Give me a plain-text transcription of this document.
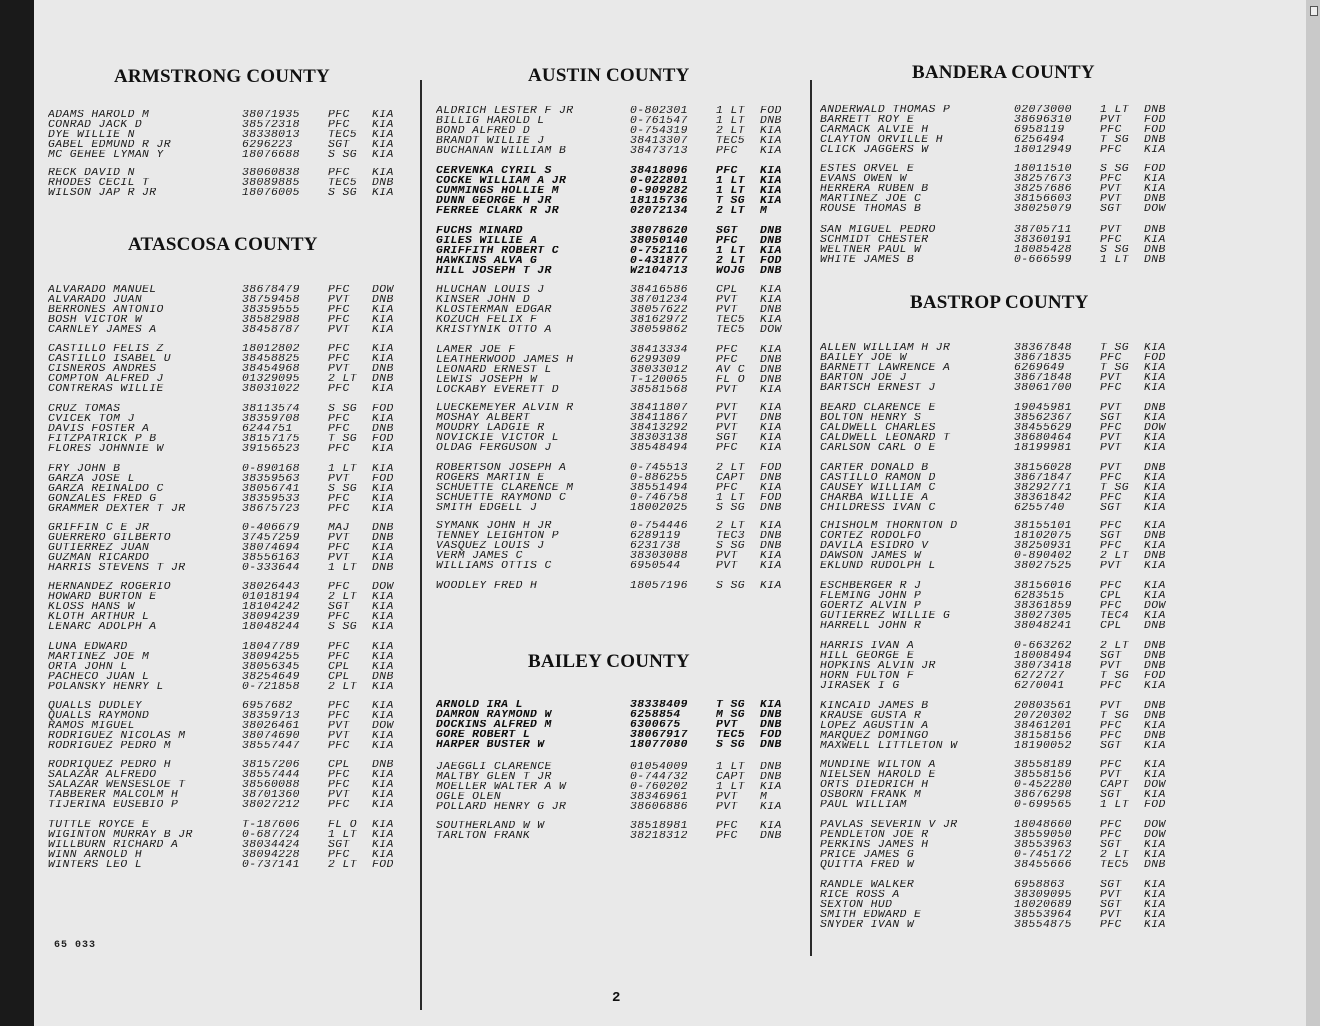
ARMSTRONG COUNTY
ADAMS HAROLD M	38071935	PFC	KIA
CONRAD JACK D	38572318	PFC	KIA
DYE WILLIE N	38338013	TEC5	KIA
GABEL EDMUND R JR	6296223	SGT	KIA
MC GEHEE LYMAN Y	18076688	S SG	KIA
RECK DAVID N	38060838	PFC	KIA
RHODES CECIL T	38089885	TEC5	DNB
WILSON JAP R JR	18076005	S SG	KIA
ATASCOSA COUNTY
ALVARADO MANUEL	38678479	PFC	DOW
ALVARADO JUAN	38759458	PVT	DNB
BERRONES ANTONIO	38359555	PFC	KIA
BOSH VICTOR W	38582988	PFC	KIA
CARNLEY JAMES A	38458787	PVT	KIA
CASTILLO FELIS Z	18012802	PFC	KIA
CASTILLO ISABEL U	38458825	PFC	KIA
CISNEROS ANDRES	38454968	PVT	DNB
COMPTON ALFRED J	01329095	2 LT	DNB
CONTRERAS WILLIE	38031022	PFC	KIA
CRUZ TOMAS	38113574	S SG	FOD
CVICEK TOM J	38359708	PFC	KIA
DAVIS FOSTER A	6244751	PFC	DNB
FITZPATRICK P B	38157175	T SG	FOD
FLORES JOHNNIE W	39156523	PFC	KIA
FRY JOHN B	0-890168	1 LT	KIA
GARZA JOSE L	38359563	PVT	FOD
GARZA REINALDO C	38056741	S SG	KIA
GONZALES FRED G	38359533	PFC	KIA
GRAMMER DEXTER T JR	38675723	PFC	KIA
GRIFFIN C E JR	0-406679	MAJ	DNB
GUERRERO GILBERTO	37457259	PVT	DNB
GUTIERREZ JUAN	38074694	PFC	KIA
GUZMAN RICARDO	38556163	PVT	KIA
HARRIS STEVENS T JR	0-333644	1 LT	DNB
HERNANDEZ ROGERIO	38026443	PFC	DOW
HOWARD BURTON E	01018194	2 LT	KIA
KLOSS HANS W	18104242	SGT	KIA
KLOTH ARTHUR L	38094239	PFC	KIA
LENARC ADOLPH A	18048244	S SG	KIA
LUNA EDWARD	18047789	PFC	KIA
MARTINEZ JOE M	38094255	PFC	KIA
ORTA JOHN L	38056345	CPL	KIA
PACHECO JUAN L	38254649	CPL	DNB
POLANSKY HENRY L	0-721858	2 LT	KIA
QUALLS DUDLEY	6957682	PFC	KIA
QUALLS RAYMOND	38359713	PFC	KIA
RAMOS MIGUEL	38026461	PVT	DOW
RODRIGUEZ NICOLAS M	38074690	PVT	KIA
RODRIGUEZ PEDRO M	38557447	PFC	KIA
RODRIQUEZ PEDRO H	38157206	CPL	DNB
SALAZAR ALFREDO	38557444	PFC	KIA
SALAZAR WENSESLOE T	38560088	PFC	KIA
TABBERER MALCOLM H	38701360	PVT	KIA
TIJERINA EUSEBIO P	38027212	PFC	KIA
TUTTLE ROYCE E	T-187606	FL O	KIA
WIGINTON MURRAY B JR	0-687724	1 LT	KIA
WILLBURN RICHARD A	38034424	SGT	KIA
WINN ARNOLD H	38094228	PFC	KIA
WINTERS LEO L	0-737141	2 LT	FOD
AUSTIN COUNTY
ALDRICH LESTER F JR	0-802301	1 LT	FOD
BILLIG HAROLD L	0-761547	1 LT	DNB
BOND ALFRED D	0-754319	2 LT	KIA
BRANDT WILLIE J	38413307	TEC5	KIA
BUCHANAN WILLIAM B	38473713	PFC	KIA
CERVENKA CYRIL S	38418096	PFC	KIA
COCKE WILLIAM A JR	0-022801	1 LT	KIA
CUMMINGS HOLLIE M	0-909282	1 LT	KIA
DUNN GEORGE H JR	18115736	T SG	KIA
FERREE CLARK R JR	02072134	2 LT	M
FUCHS MINARD	38078620	SGT	DNB
GILES WILLIE A	38050140	PFC	DNB
GRIFFITH ROBERT C	0-752116	1 LT	KIA
HAWKINS ALVA G	0-431877	2 LT	FOD
HILL JOSEPH T JR	W2104713	WOJG	DNB
HLUCHAN LOUIS J	38416586	CPL	KIA
KINSER JOHN D	38701234	PVT	KIA
KLOSTERMAN EDGAR	38057622	PVT	DNB
KOZUCH FELIX F	38162972	TEC5	KIA
KRISTYNIK OTTO A	38059862	TEC5	DOW
LAMER JOE F	38413334	PFC	KIA
LEATHERWOOD JAMES H	6299309	PFC	DNB
LEONARD ERNEST L	38033012	AV C	DNB
LEWIS JOSEPH W	T-120065	FL O	DNB
LOCKABY EVERETT D	38581568	PVT	KIA
LUECKEMEYER ALVIN R	38411807	PVT	KIA
MOSHAY ALBERT	38411867	PVT	DNB
MOUDRY LADGIE R	38413292	PVT	KIA
NOVICKIE VICTOR L	38303138	SGT	KIA
OLDAG FERGUSON J	38548494	PFC	KIA
ROBERTSON JOSEPH A	0-745513	2 LT	FOD
ROGERS MARTIN E	0-886255	CAPT	DNB
SCHUETTE CLARENCE M	38551494	PFC	KIA
SCHUETTE RAYMOND C	0-746758	1 LT	FOD
SMITH EDGELL J	18002025	S SG	DNB
SYMANK JOHN H JR	0-754446	2 LT	KIA
TENNEY LEIGHTON P	6289119	TEC3	DNB
VASQUEZ LOUIS J	6231738	S SG	DNB
VERM JAMES C	38303088	PVT	KIA
WILLIAMS OTTIS C	6950544	PVT	KIA
WOODLEY FRED H	18057196	S SG	KIA
BAILEY COUNTY
ARNOLD IRA L	38338409	T SG	KIA
DAMRON RAYMOND W	6258854	M SG	DNB
DOCKINS ALFRED M	6300675	PVT	DNB
GORE ROBERT L	38067917	TEC5	FOD
HARPER BUSTER W	18077080	S SG	DNB
JAEGGLI CLARENCE	01054009	1 LT	DNB
MALTBY GLEN T JR	0-744732	CAPT	DNB
MOELLER WALTER A W	0-760202	1 LT	KIA
OGLE OLEN	38346961	PVT	M
POLLARD HENRY G JR	38606886	PVT	KIA
SOUTHERLAND W W	38518981	PFC	KIA
TARLTON FRANK	38218312	PFC	DNB
BANDERA COUNTY
ANDERWALD THOMAS P	02073000	1 LT	DNB
BARRETT ROY E	38696310	PVT	FOD
CARMACK ALVIE H	6958119	PFC	FOD
CLAYTON ORVILLE H	6256494	T SG	DNB
CLICK JAGGERS W	18012949	PFC	KIA
ESTES ORVEL E	18011510	S SG	FOD
EVANS OWEN W	38257673	PFC	KIA
HERRERA RUBEN B	38257686	PVT	KIA
MARTINEZ JOE C	38156603	PVT	DNB
ROUSE THOMAS B	38025079	SGT	DOW
SAN MIGUEL PEDRO	38705711	PVT	DNB
SCHMIDT CHESTER	38360191	PFC	KIA
WELTNER PAUL W	18085428	S SG	DNB
WHITE JAMES B	0-666599	1 LT	DNB
BASTROP COUNTY
ALLEN WILLIAM H JR	38367848	T SG	KIA
BAILEY JOE W	38671835	PFC	FOD
BARNETT LAWRENCE A	6269649	T SG	KIA
BARTON JOE J	38671848	PVT	KIA
BARTSCH ERNEST J	38061700	PFC	KIA
BEARD CLARENCE E	19045981	PVT	DNB
BOLTON HENRY S	38562367	SGT	KIA
CALDWELL CHARLES	38455629	PFC	DOW
CALDWELL LEONARD T	38680464	PVT	KIA
CARLSON CARL O E	18199981	PVT	KIA
CARTER DONALD B	38156028	PVT	DNB
CASTILLO RAMON D	38671847	PFC	KIA
CAUSEY WILLIAM C	38292771	T SG	KIA
CHARBA WILLIE A	38361842	PFC	KIA
CHILDRESS IVAN C	6255740	SGT	KIA
CHISHOLM THORNTON D	38155101	PFC	KIA
CORTEZ RODOLFO	18102075	SGT	DNB
DAVILA ESIDRO V	38250931	PFC	KIA
DAWSON JAMES W	0-890402	2 LT	DNB
EKLUND RUDOLPH L	38027525	PVT	KIA
ESCHBERGER R J	38156016	PFC	KIA
FLEMING JOHN P	6283515	CPL	KIA
GOERTZ ALVIN P	38361859	PFC	DOW
GUTIERREZ WILLIE G	38027305	TEC4	KIA
HARRELL JOHN R	38048241	CPL	DNB
HARRIS IVAN A	0-663262	2 LT	DNB
HILL GEORGE E	18008494	SGT	DNB
HOPKINS ALVIN JR	38073418	PVT	DNB
HORN FULTON F	6272727	T SG	FOD
JIRASEK I G	6270041	PFC	KIA
KINCAID JAMES B	20803561	PVT	DNB
KRAUSE GUSTA R	20720302	T SG	DNB
LOPEZ AGUSTIN A	38461201	PFC	KIA
MARQUEZ DOMINGO	38158156	PFC	DNB
MAXWELL LITTLETON W	18190052	SGT	KIA
MUNDINE WILTON A	38558189	PFC	KIA
NIELSEN HAROLD E	38558156	PVT	KIA
ORTS DIEDRICH H	0-452280	CAPT	DOW
OSBORN FRANK M	38676298	SGT	KIA
PAUL WILLIAM	0-699565	1 LT	FOD
PAVLAS SEVERIN V JR	18048660	PFC	DOW
PENDLETON JOE R	38559050	PFC	DOW
PERKINS JAMES H	38553963	SGT	KIA
PRICE JAMES G	0-745172	2 LT	KIA
QUITTA FRED W	38455666	TEC5	DNB
RANDLE WALKER	6958863	SGT	KIA
RICE ROSS A	38309095	PVT	KIA
SEXTON HUD	18020689	SGT	KIA
SMITH EDWARD E	38553964	PVT	KIA
SNYDER IVAN W	38554875	PFC	KIA
65 033
2
